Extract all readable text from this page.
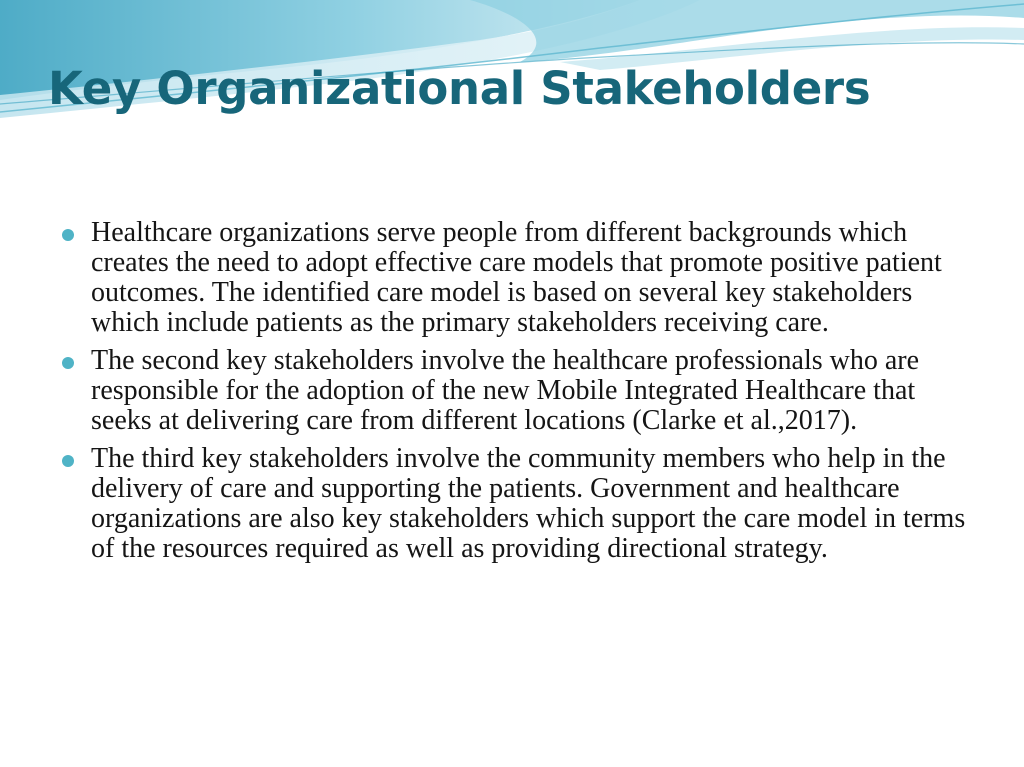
Key Organizational Stakeholders
Healthcare organizations serve people from different backgrounds which creates the need to adopt effective care models that promote positive patient outcomes. The identified care model is based on several key stakeholders which include patients as the primary stakeholders receiving care.
The second key stakeholders involve the healthcare professionals who are responsible for the adoption of the new Mobile Integrated Healthcare that seeks at delivering care from different locations (Clarke et al.,2017).
The third key stakeholders involve the community members who help in the delivery of care and supporting the patients. Government and healthcare organizations are also key stakeholders which support the care model in terms of the resources required as well as providing directional strategy.
